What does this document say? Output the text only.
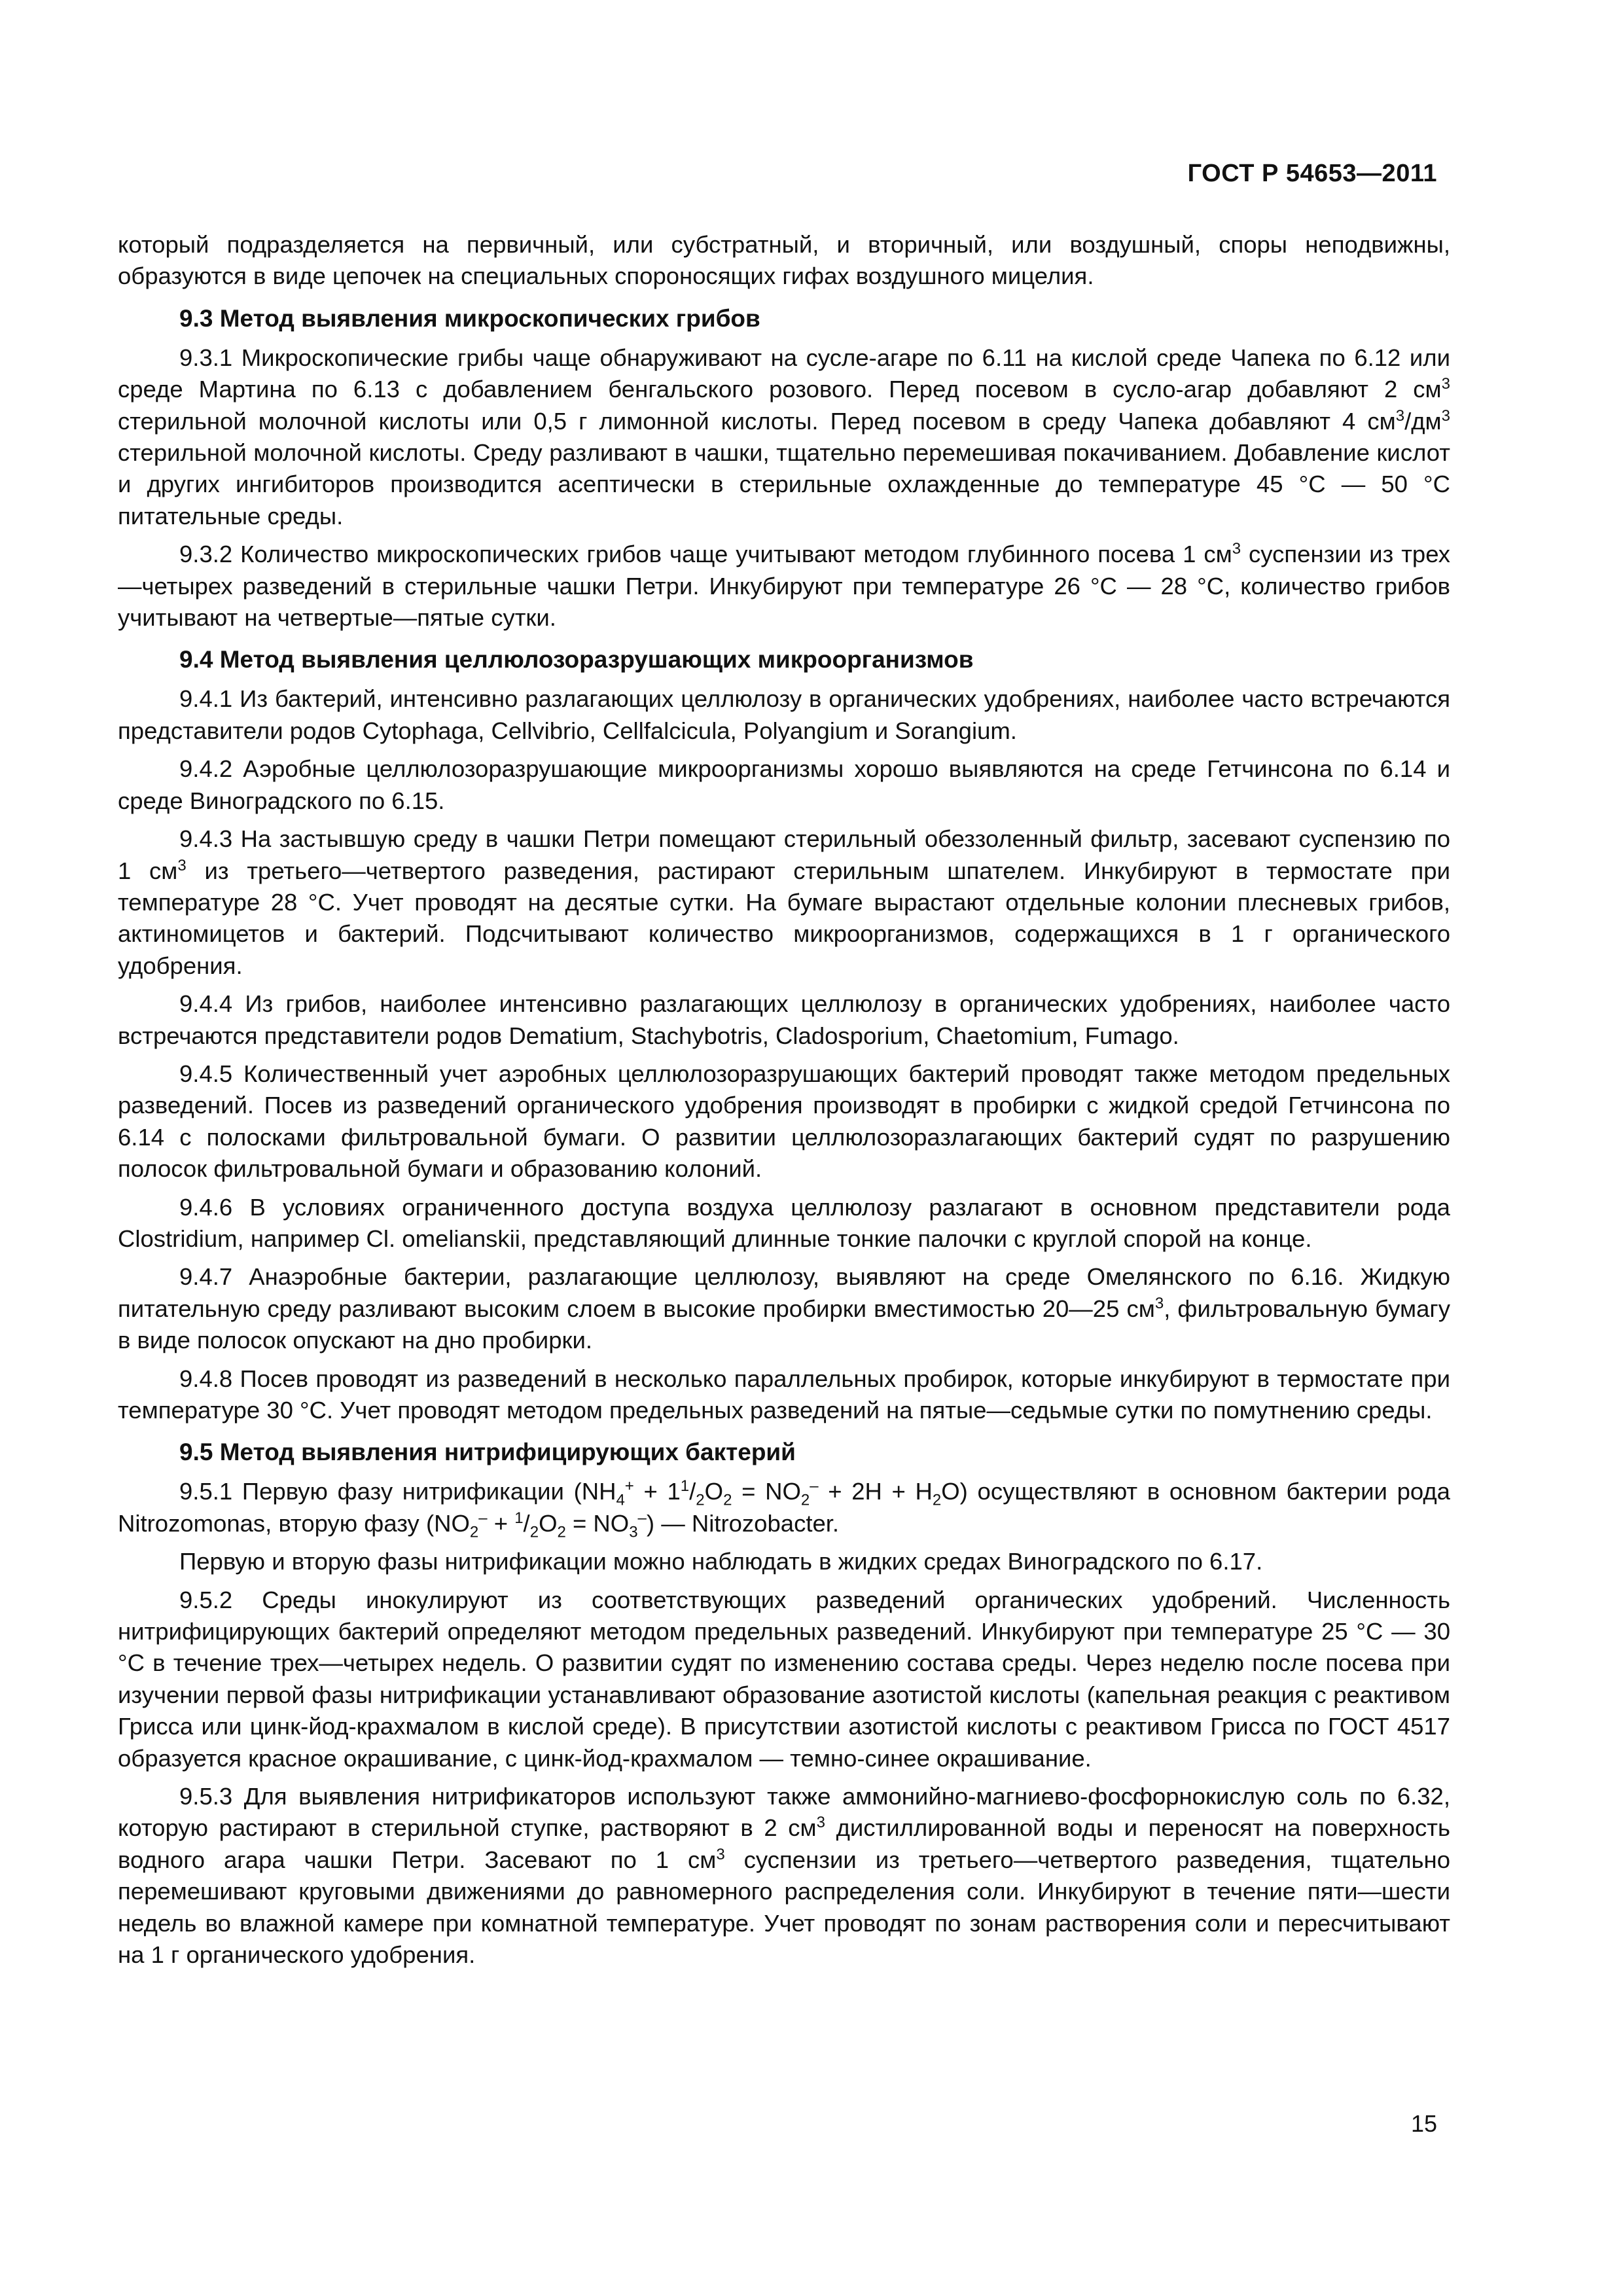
ГОСТ Р 54653—2011

который подразделяется на первичный, или субстратный, и вторичный, или воздушный, споры неподвижны, образуются в виде цепочек на специальных спороносящих гифах воздушного мицелия.

9.3 Метод выявления микроскопических грибов

9.3.1 Микроскопические грибы чаще обнаруживают на сусле-агаре по 6.11 на кислой среде Чапека по 6.12 или среде Мартина по 6.13 с добавлением бенгальского розового. Перед посевом в сусло-агар добавляют 2 $см^3$ стерильной молочной кислоты или 0,5 г лимонной кислоты. Перед посевом в среду Чапека добавляют 4 $см^3/дм^3$ стерильной молочной кислоты. Среду разливают в чашки, тщательно перемешивая покачиванием. Добавление кислот и других ингибиторов производится асептически в стерильные охлажденные до температуре 45 °С — 50 °С питательные среды.

9.3.2 Количество микроскопических грибов чаще учитывают методом глубинного посева 1 $см^3$ суспензии из трех—четырех разведений в стерильные чашки Петри. Инкубируют при температуре 26 °С — 28 °С, количество грибов учитывают на четвертые—пятые сутки.

9.4 Метод выявления целлюлозоразрушающих микроорганизмов

9.4.1 Из бактерий, интенсивно разлагающих целлюлозу в органических удобрениях, наиболее часто встречаются представители родов Cytophaga, Cellvibrio, Cellfalcicula, Polyangium и Sorangium.

9.4.2 Аэробные целлюлозоразрушающие микроорганизмы хорошо выявляются на среде Гетчинсона по 6.14 и среде Виноградского по 6.15.

9.4.3 На застывшую среду в чашки Петри помещают стерильный обеззоленный фильтр, засевают суспензию по 1 $см^3$ из третьего—четвертого разведения, растирают стерильным шпателем. Инкубируют в термостате при температуре 28 °С. Учет проводят на десятые сутки. На бумаге вырастают отдельные колонии плесневых грибов, актиномицетов и бактерий. Подсчитывают количество микроорганизмов, содержащихся в 1 г органического удобрения.

9.4.4 Из грибов, наиболее интенсивно разлагающих целлюлозу в органических удобрениях, наиболее часто встречаются представители родов Dematium, Stachybotris, Cladosporium, Chaetomium, Fumago.

9.4.5 Количественный учет аэробных целлюлозоразрушающих бактерий проводят также методом предельных разведений. Посев из разведений органического удобрения производят в пробирки с жидкой средой Гетчинсона по 6.14 с полосками фильтровальной бумаги. О развитии целлюлозоразлагающих бактерий судят по разрушению полосок фильтровальной бумаги и образованию колоний.

9.4.6 В условиях ограниченного доступа воздуха целлюлозу разлагают в основном представители рода Clostridium, например Cl. omelianskii, представляющий длинные тонкие палочки с круглой спорой на конце.

9.4.7 Анаэробные бактерии, разлагающие целлюлозу, выявляют на среде Омелянского по 6.16. Жидкую питательную среду разливают высоким слоем в высокие пробирки вместимостью 20—25 $см^3$, фильтровальную бумагу в виде полосок опускают на дно пробирки.

9.4.8 Посев проводят из разведений в несколько параллельных пробирок, которые инкубируют в термостате при температуре 30 °С. Учет проводят методом предельных разведений на пятые—седьмые сутки по помутнению среды.

9.5 Метод выявления нитрифицирующих бактерий

9.5.1 Первую фазу нитрификации $(NH_4^+ + 1^1/_2O_2 = NO_2^- + 2H + H_2O)$ осуществляют в основном бактерии рода Nitrozomonas, вторую фазу $(NO_2^- + ^1/_2O_2 = NO_3^-)$ — Nitrozobacter.

Первую и вторую фазы нитрификации можно наблюдать в жидких средах Виноградского по 6.17.

9.5.2 Среды инокулируют из соответствующих разведений органических удобрений. Численность нитрифицирующих бактерий определяют методом предельных разведений. Инкубируют при температуре 25 °С — 30 °С в течение трех—четырех недель. О развитии судят по изменению состава среды. Через неделю после посева при изучении первой фазы нитрификации устанавливают образование азотистой кислоты (капельная реакция с реактивом Грисса или цинк-йод-крахмалом в кислой среде). В присутствии азотистой кислоты с реактивом Грисса по ГОСТ 4517 образуется красное окрашивание, с цинк-йод-крахмалом — темно-синее окрашивание.

9.5.3 Для выявления нитрификаторов используют также аммонийно-магниево-фосфорнокислую соль по 6.32, которую растирают в стерильной ступке, растворяют в 2 $см^3$ дистиллированной воды и переносят на поверхность водного агара чашки Петри. Засевают по 1 $см^3$ суспензии из третьего—четвертого разведения, тщательно перемешивают круговыми движениями до равномерного распределения соли. Инкубируют в течение пяти—шести недель во влажной камере при комнатной температуре. Учет проводят по зонам растворения соли и пересчитывают на 1 г органического удобрения.

15
